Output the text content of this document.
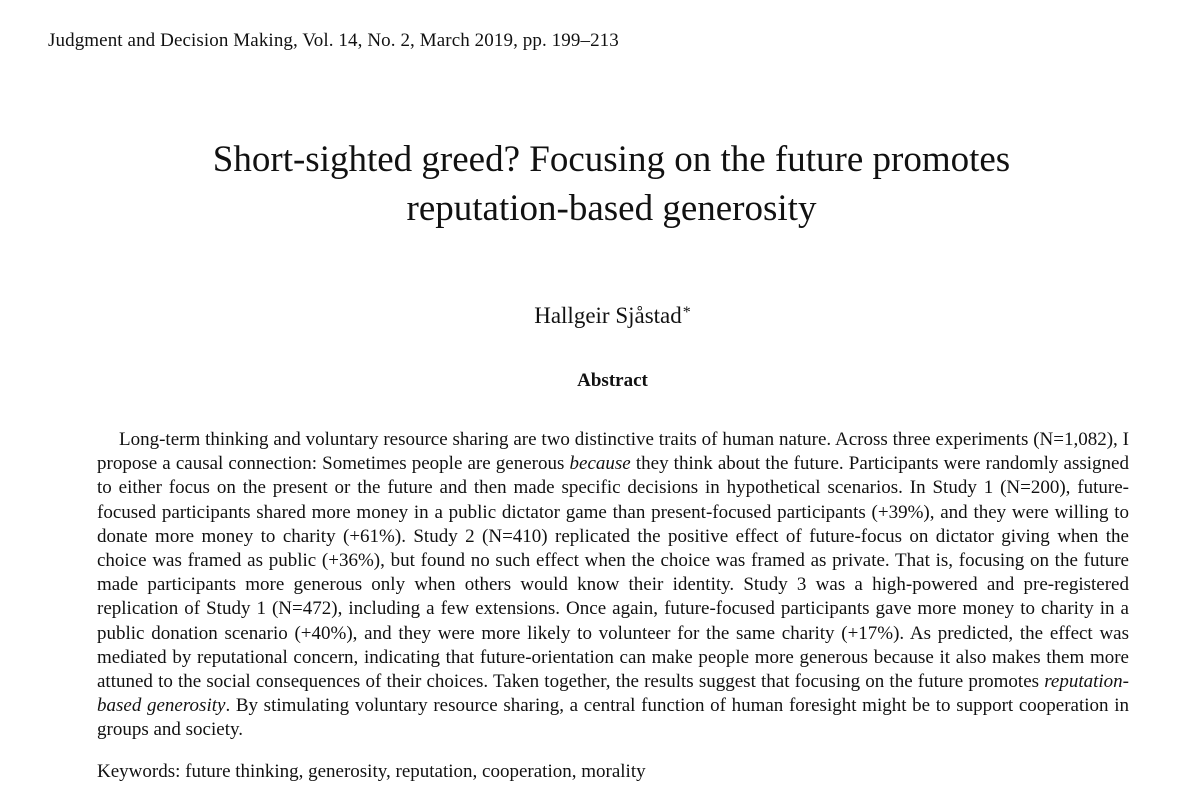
Judgment and Decision Making, Vol. 14, No. 2, March 2019, pp. 199–213
Short-sighted greed? Focusing on the future promotes
reputation-based generosity
Hallgeir Sjåstad*
Abstract

Long-term thinking and voluntary resource sharing are two distinctive traits of human nature. Across three experiments (N=1,082), I propose a causal connection: Sometimes people are generous because they think about the future. Participants were randomly assigned to either focus on the present or the future and then made specific decisions in hypothetical scenarios. In Study 1 (N=200), future-focused participants shared more money in a public dictator game than present-focused participants (+39%), and they were willing to donate more money to charity (+61%). Study 2 (N=410) replicated the positive effect of future-focus on dictator giving when the choice was framed as public (+36%), but found no such effect when the choice was framed as private. That is, focusing on the future made participants more generous only when others would know their identity. Study 3 was a high-powered and pre-registered replication of Study 1 (N=472), including a few extensions. Once again, future-focused participants gave more money to charity in a public donation scenario (+40%), and they were more likely to volunteer for the same charity (+17%). As predicted, the effect was mediated by reputational concern, indicating that future-orientation can make people more generous because it also makes them more attuned to the social consequences of their choices. Taken together, the results suggest that focusing on the future promotes reputation-based generosity. By stimulating voluntary resource sharing, a central function of human foresight might be to support cooperation in groups and society.

Keywords: future thinking, generosity, reputation, cooperation, morality
